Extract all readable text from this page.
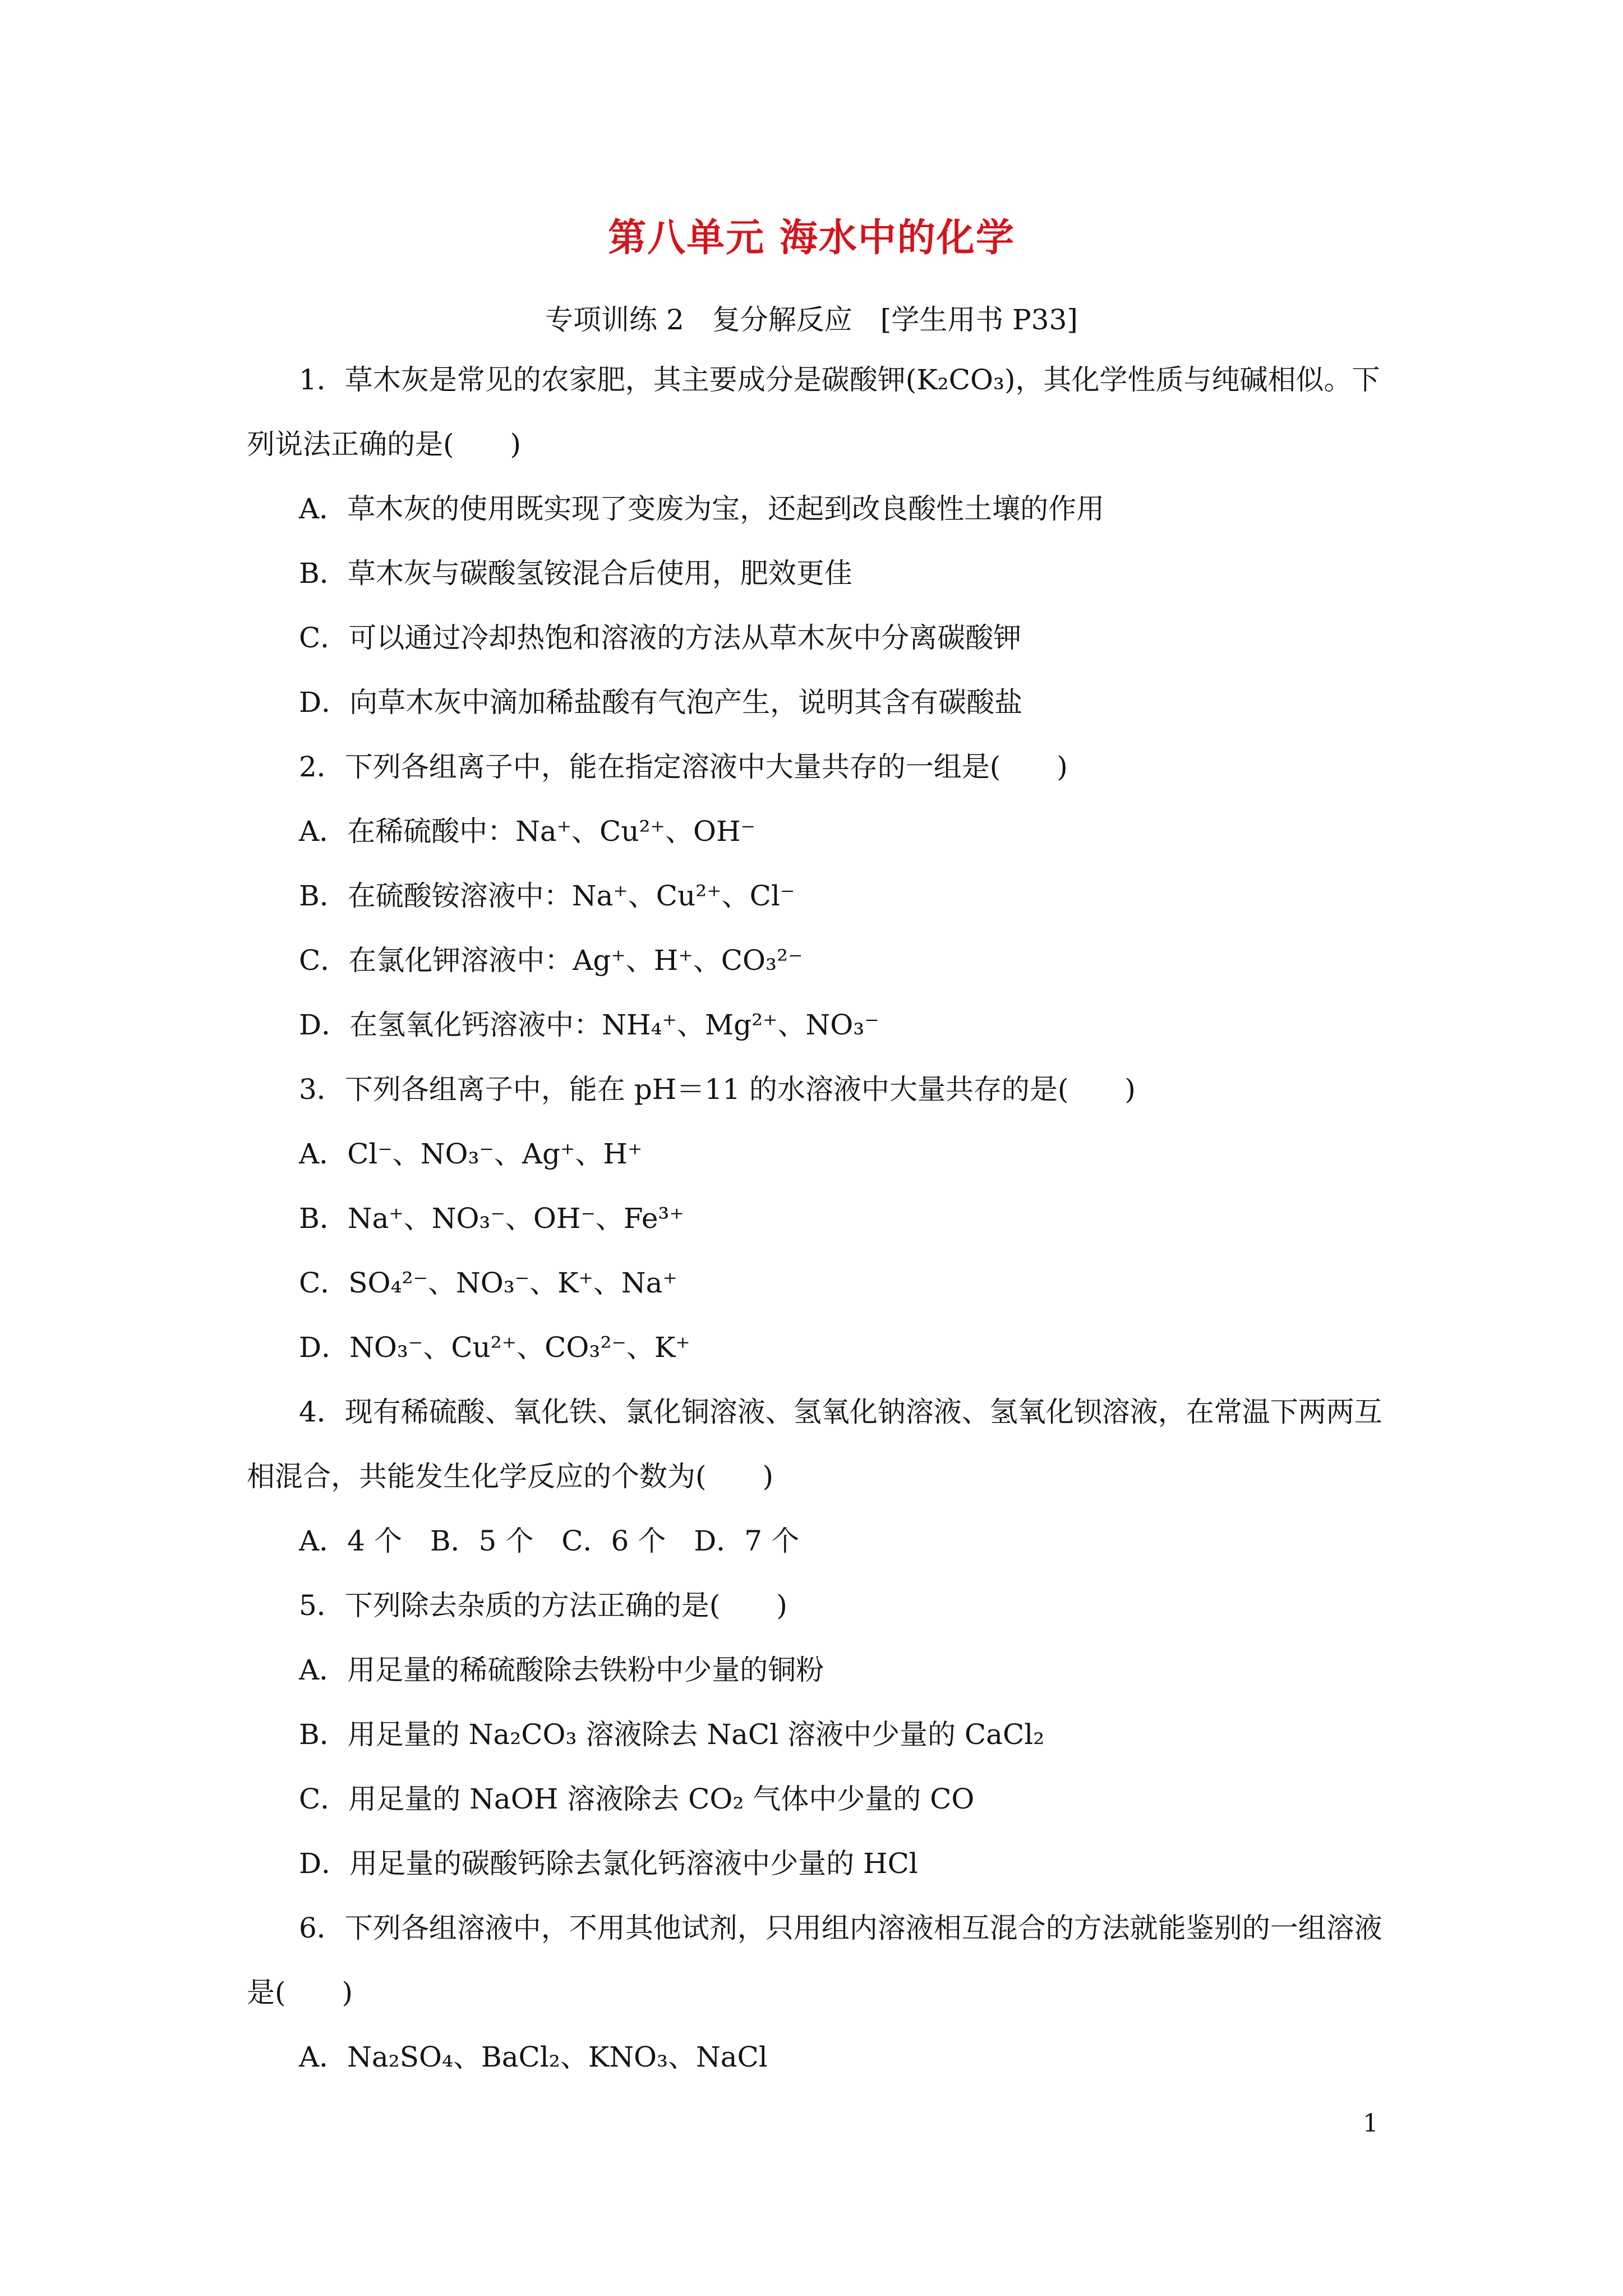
第八单元 海水中的化学
专项训练 2　复分解反应　[学生用书 P33]
1．草木灰是常见的农家肥，其主要成分是碳酸钾(K₂CO₃)，其化学性质与纯碱相似。下列说法正确的是(　　)
A．草木灰的使用既实现了变废为宝，还起到改良酸性土壤的作用
B．草木灰与碳酸氢铵混合后使用，肥效更佳
C．可以通过冷却热饱和溶液的方法从草木灰中分离碳酸钾
D．向草木灰中滴加稀盐酸有气泡产生，说明其含有碳酸盐
2．下列各组离子中，能在指定溶液中大量共存的一组是(　　)
A．在稀硫酸中：Na⁺、Cu²⁺、OH⁻
B．在硫酸铵溶液中：Na⁺、Cu²⁺、Cl⁻
C．在氯化钾溶液中：Ag⁺、H⁺、CO₃²⁻
D．在氢氧化钙溶液中：NH₄⁺、Mg²⁺、NO₃⁻
3．下列各组离子中，能在 pH＝11 的水溶液中大量共存的是(　　)
A．Cl⁻、NO₃⁻、Ag⁺、H⁺
B．Na⁺、NO₃⁻、OH⁻、Fe³⁺
C．SO₄²⁻、NO₃⁻、K⁺、Na⁺
D．NO₃⁻、Cu²⁺、CO₃²⁻、K⁺
4．现有稀硫酸、氧化铁、氯化铜溶液、氢氧化钠溶液、氢氧化钡溶液，在常温下两两互相混合，共能发生化学反应的个数为(　　)
A．4 个　B．5 个　C．6 个　D．7 个
5．下列除去杂质的方法正确的是(　　)
A．用足量的稀硫酸除去铁粉中少量的铜粉
B．用足量的 Na₂CO₃ 溶液除去 NaCl 溶液中少量的 CaCl₂
C．用足量的 NaOH 溶液除去 CO₂ 气体中少量的 CO
D．用足量的碳酸钙除去氯化钙溶液中少量的 HCl
6．下列各组溶液中，不用其他试剂，只用组内溶液相互混合的方法就能鉴别的一组溶液是(　　)
A．Na₂SO₄、BaCl₂、KNO₃、NaCl
1
